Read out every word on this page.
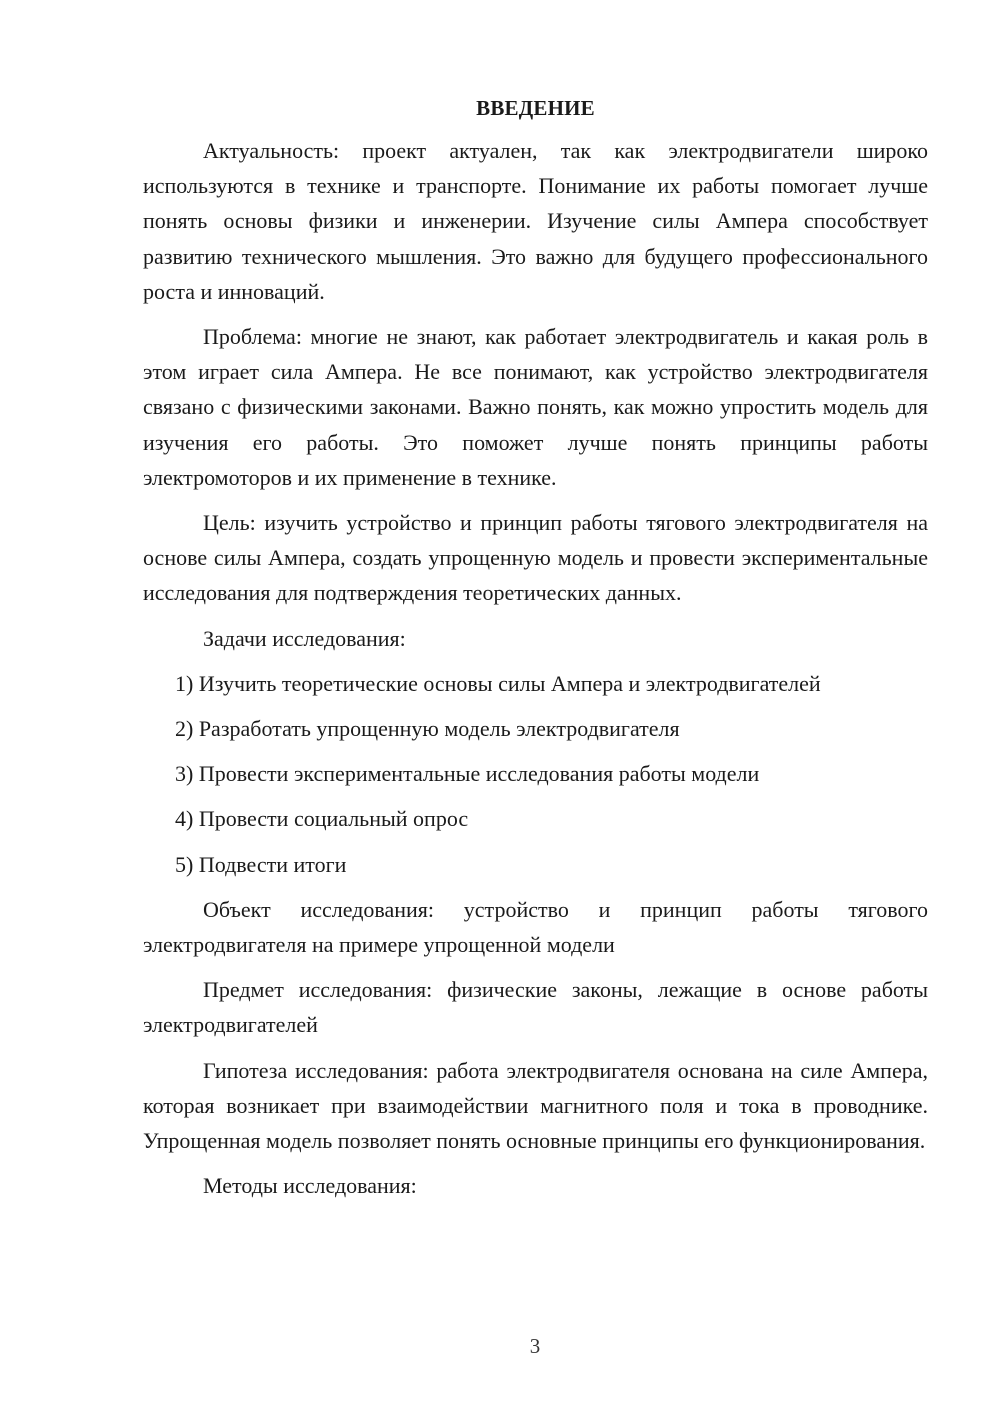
ВВЕДЕНИЕ

Актуальность: проект актуален, так как электродвигатели широко используются в технике и транспорте. Понимание их работы помогает лучше понять основы физики и инженерии. Изучение силы Ампера способствует развитию технического мышления. Это важно для будущего профессионального роста и инноваций.

Проблема: многие не знают, как работает электродвигатель и какая роль в этом играет сила Ампера. Не все понимают, как устройство электродвигателя связано с физическими законами. Важно понять, как можно упростить модель для изучения его работы. Это поможет лучше понять принципы работы электромоторов и их применение в технике.

Цель: изучить устройство и принцип работы тягового электродвигателя на основе силы Ампера, создать упрощенную модель и провести экспериментальные исследования для подтверждения теоретических данных.

Задачи исследования:

1) Изучить теоретические основы силы Ампера и электродвигателей
2) Разработать упрощенную модель электродвигателя
3) Провести экспериментальные исследования работы модели
4) Провести социальный опрос
5) Подвести итоги

Объект исследования: устройство и принцип работы тягового электродвигателя на примере упрощенной модели

Предмет исследования: физические законы, лежащие в основе работы электродвигателей

Гипотеза исследования: работа электродвигателя основана на силе Ампера, которая возникает при взаимодействии магнитного поля и тока в проводнике. Упрощенная модель позволяет понять основные принципы его функционирования.

Методы исследования:

3
